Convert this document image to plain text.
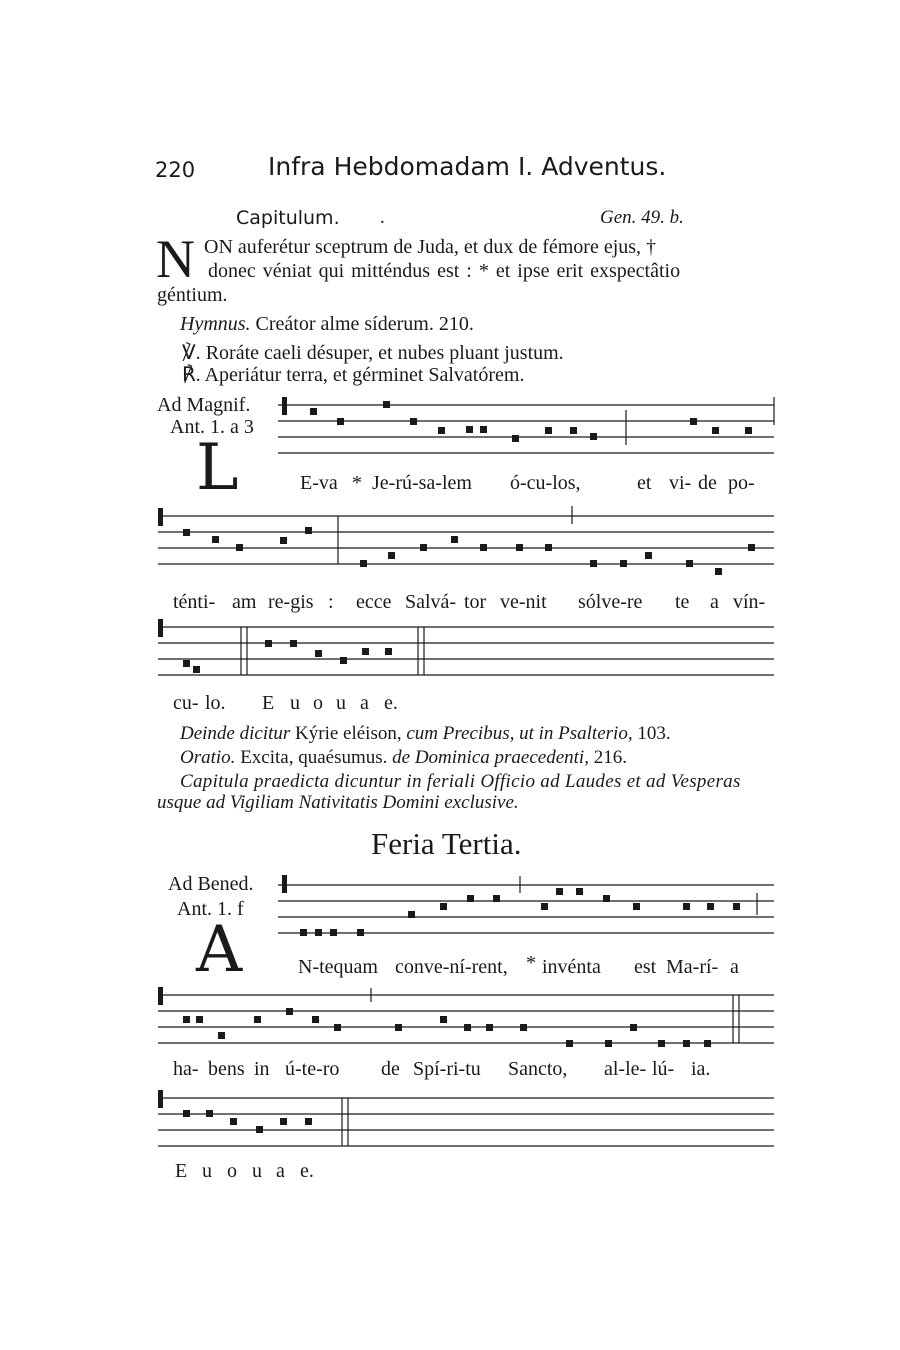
220	Infra Hebdomadam I. Adventus.
Capitulum. .	Gen. 49. b.
N ON auferétur sceptrum de Juda, et dux de fémore ejus, †
donec véniat qui mitténdus est : * et ipse erit exspectâtio
géntium.
Hymnus. Creátor alme síderum. 210.
℣. Roráte caeli désuper, et nubes pluant justum.
℟. Aperiátur terra, et gérminet Salvatórem.
Ad Magnif.
Ant. 1. a 3
L	E-va * Je-rú-sa-lem ó-cu-los,	et vi- de po-
ténti- am re-gis : ecce Salvá- tor ve-nit sólve-re te a vín-
cu- lo. E u o u a e.
Deinde dicitur Kýrie eléison, cum Precibus, ut in Psalterio, 103.
Oratio. Excita, quaésumus. de Dominica praecedenti, 216.
Capitula praedicta dicuntur in feriali Officio ad Laudes et ad Vesperas
usque ad Vigiliam Nativitatis Domini exclusive.
Feria Tertia.
Ad Bened.
Ant. 1. f
A	N-tequam conve-ní-rent, * invénta est Ma-rí- a
ha- bens in ú-te-ro de Spí-ri-tu Sancto, al-le- lú- ia.
E u o u a e.
